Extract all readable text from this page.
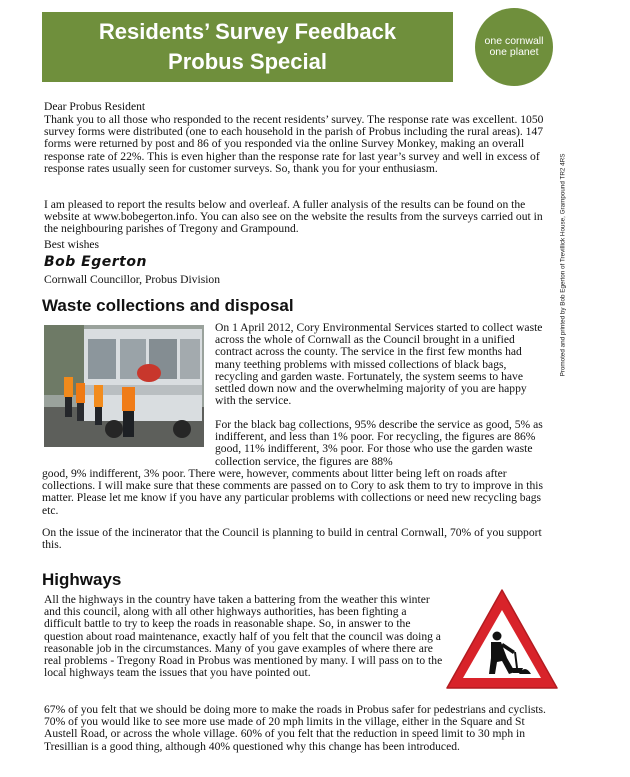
Residents’ Survey Feedback
Probus Special
one cornwall
one planet
Promoted and printed by Bob Egerton of Trevillick House, Grampound TR2 4RS

Dear Probus Resident

Thank you to all those who responded to the recent residents’ survey. The response rate was excellent. 1050 survey forms were distributed (one to each household in the parish of Probus including the rural areas). 147 forms were returned by post and 86 of you responded via the online Survey Monkey, making an overall response rate of 22%. This is even higher than the response rate for last year’s survey and well in excess of response rates usually seen for customer surveys. So, thank you for your enthusiasm.

I am pleased to report the results below and overleaf. A fuller analysis of the results can be found on the website at www.bobegerton.info. You can also see on the website the results from the surveys carried out in the neighbouring parishes of Tregony and Grampound.

Best wishes

Bob Egerton

Cornwall Councillor, Probus Division

Waste collections and disposal

On 1 April 2012, Cory Environmental Services started to collect waste across the whole of Cornwall as the Council brought in a unified contract across the county. The service in the first few months had many teething problems with missed collections of black bags, recycling and garden waste. Fortunately, the system seems to have settled down now and the overwhelming majority of you are happy with the service.

For the black bag collections, 95% describe the service as good, 5% as indifferent, and less than 1% poor. For recycling, the figures are 86% good, 11% indifferent, 3% poor. For those who use the garden waste collection service, the figures are 88%

good, 9% indifferent, 3% poor. There were, however, comments about litter being left on roads after collections. I will make sure that these comments are passed on to Cory to ask them to try to improve in this matter. Please let me know if you have any particular problems with collections or need new recycling bags etc.

On the issue of the incinerator that the Council is planning to build in central Cornwall, 70% of you support this.

Highways

All the highways in the country have taken a battering from the weather this winter and this council, along with all other highways authorities, has been fighting a difficult battle to try to keep the roads in reasonable shape. So, in answer to the question about road maintenance, exactly half of you felt that the council was doing a reasonable job in the circumstances. Many of you gave examples of where there are real problems - Tregony Road in Probus was mentioned by many. I will pass on to the local highways team the issues that you have pointed out.

67% of you felt that we should be doing more to make the roads in Probus safer for pedestrians and cyclists. 70% of you would like to see more use made of 20 mph limits in the village, either in the Square and St Austell Road, or across the whole village. 60% of you felt that the reduction in speed limit to 30 mph in Tresillian is a good thing, although 40% questioned why this change has been introduced.
